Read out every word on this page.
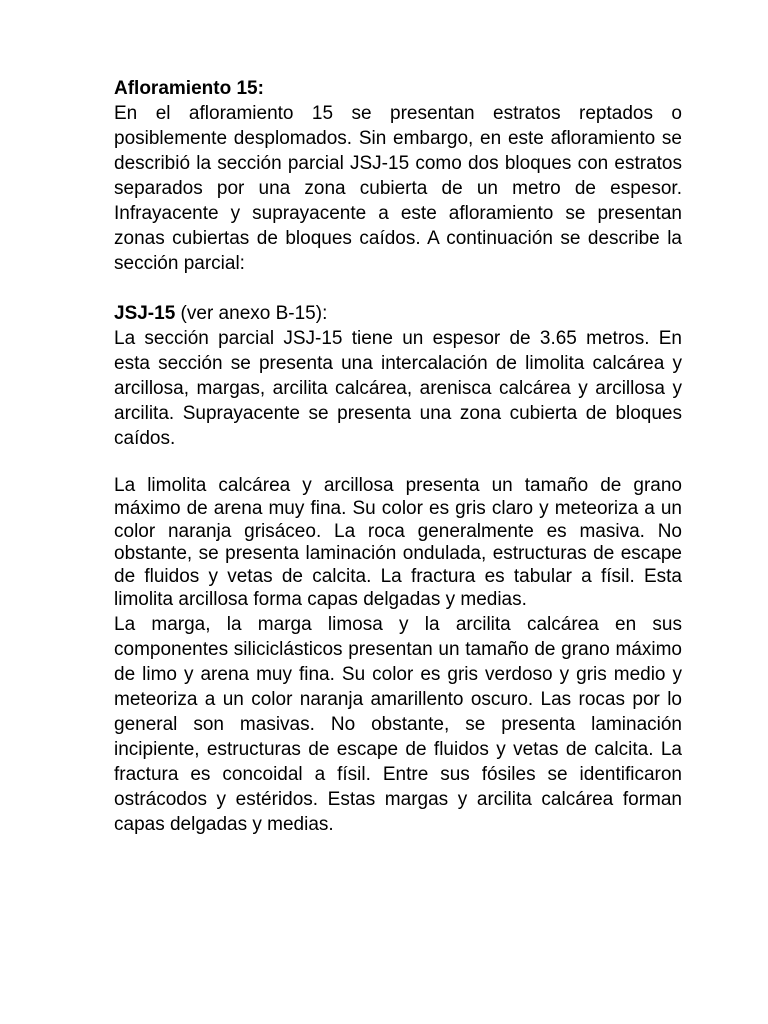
Afloramiento 15:

En el afloramiento 15 se presentan estratos reptados o posiblemente desplomados. Sin embargo, en este afloramiento se describió la sección parcial JSJ-15 como dos bloques con estratos separados por una zona cubierta de un metro de espesor. Infrayacente y suprayacente a este afloramiento se presentan zonas cubiertas de bloques caídos. A continuación se describe la sección parcial:

JSJ-15 (ver anexo B-15):

La sección parcial JSJ-15 tiene un espesor de 3.65 metros. En esta sección se presenta una intercalación de limolita calcárea y arcillosa, margas, arcilita calcárea, arenisca calcárea y arcillosa y arcilita. Suprayacente se presenta una zona cubierta de bloques caídos.

La limolita calcárea y arcillosa presenta un tamaño de grano máximo de arena muy fina. Su color es gris claro y meteoriza a un color naranja grisáceo. La roca generalmente es masiva. No obstante, se presenta laminación ondulada, estructuras de escape de fluidos y vetas de calcita. La fractura es tabular a físil. Esta limolita arcillosa forma capas delgadas y medias.

La marga, la marga limosa y la arcilita calcárea en sus componentes siliciclásticos presentan un tamaño de grano máximo de limo y arena muy fina. Su color es gris verdoso y gris medio y meteoriza a un color naranja amarillento oscuro. Las rocas por lo general son masivas. No obstante, se presenta laminación incipiente, estructuras de escape de fluidos y vetas de calcita. La fractura es concoidal a físil. Entre sus fósiles se identificaron ostrácodos y estéridos. Estas margas y arcilita calcárea forman capas delgadas y medias.
